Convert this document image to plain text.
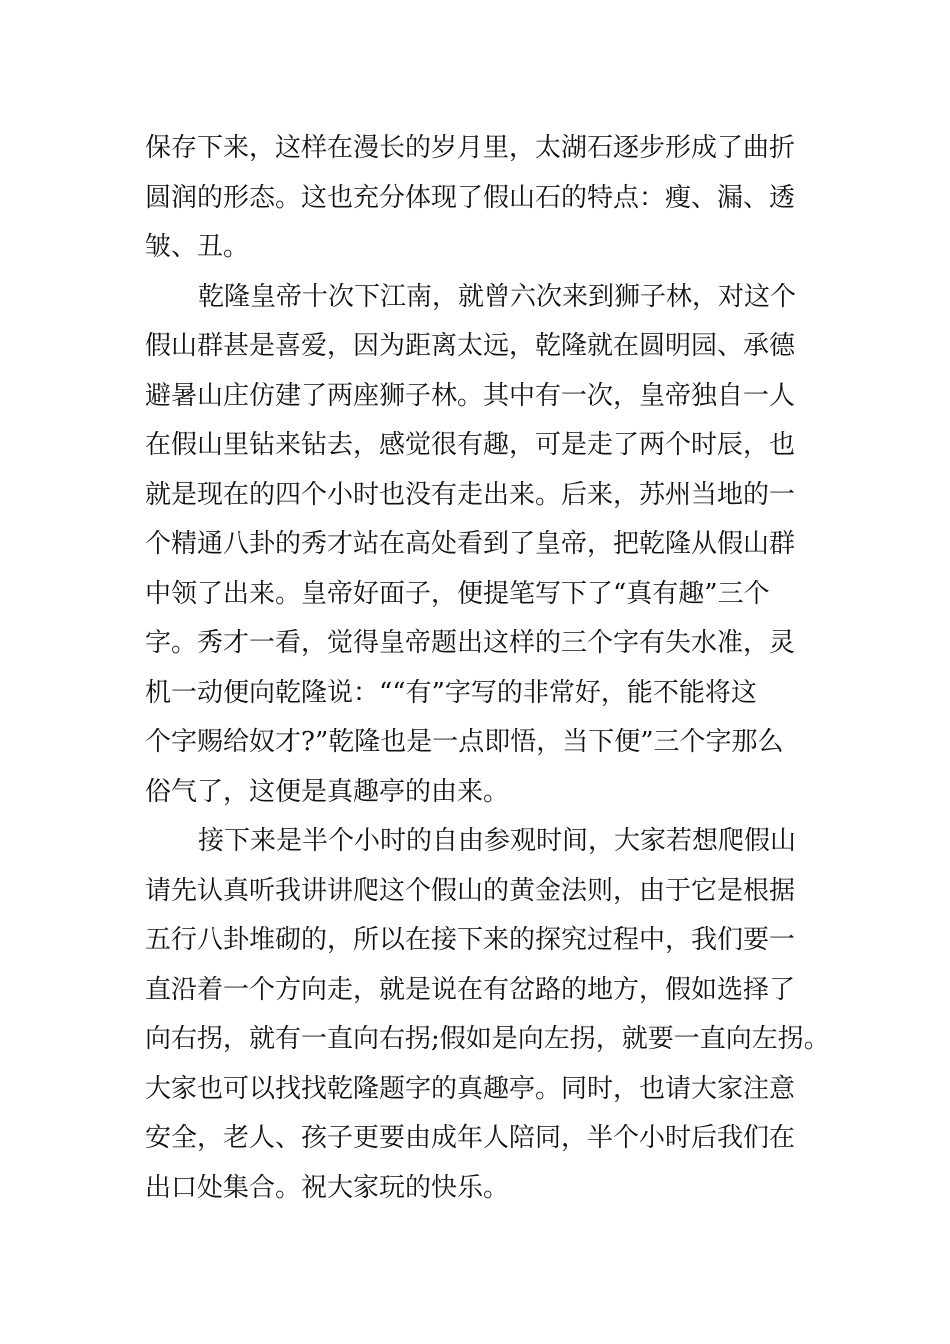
保存下来，这样在漫长的岁月里，太湖石逐步形成了曲折
圆润的形态。这也充分体现了假山石的特点：瘦、漏、透
皱、丑。
乾隆皇帝十次下江南，就曾六次来到狮子林，对这个
假山群甚是喜爱，因为距离太远，乾隆就在圆明园、承德
避暑山庄仿建了两座狮子林。其中有一次，皇帝独自一人
在假山里钻来钻去，感觉很有趣，可是走了两个时辰，也
就是现在的四个小时也没有走出来。后来，苏州当地的一
个精通八卦的秀才站在高处看到了皇帝，把乾隆从假山群
中领了出来。皇帝好面子，便提笔写下了“真有趣”三个
字。秀才一看，觉得皇帝题出这样的三个字有失水准，灵
机一动便向乾隆说：““有”字写的非常好，能不能将这
个字赐给奴才?”乾隆也是一点即悟，当下便”三个字那么
俗气了，这便是真趣亭的由来。
接下来是半个小时的自由参观时间，大家若想爬假山
请先认真听我讲讲爬这个假山的黄金法则，由于它是根据
五行八卦堆砌的，所以在接下来的探究过程中，我们要一
直沿着一个方向走，就是说在有岔路的地方，假如选择了
向右拐，就有一直向右拐;假如是向左拐，就要一直向左拐。
大家也可以找找乾隆题字的真趣亭。同时，也请大家注意
安全，老人、孩子更要由成年人陪同，半个小时后我们在
出口处集合。祝大家玩的快乐。
